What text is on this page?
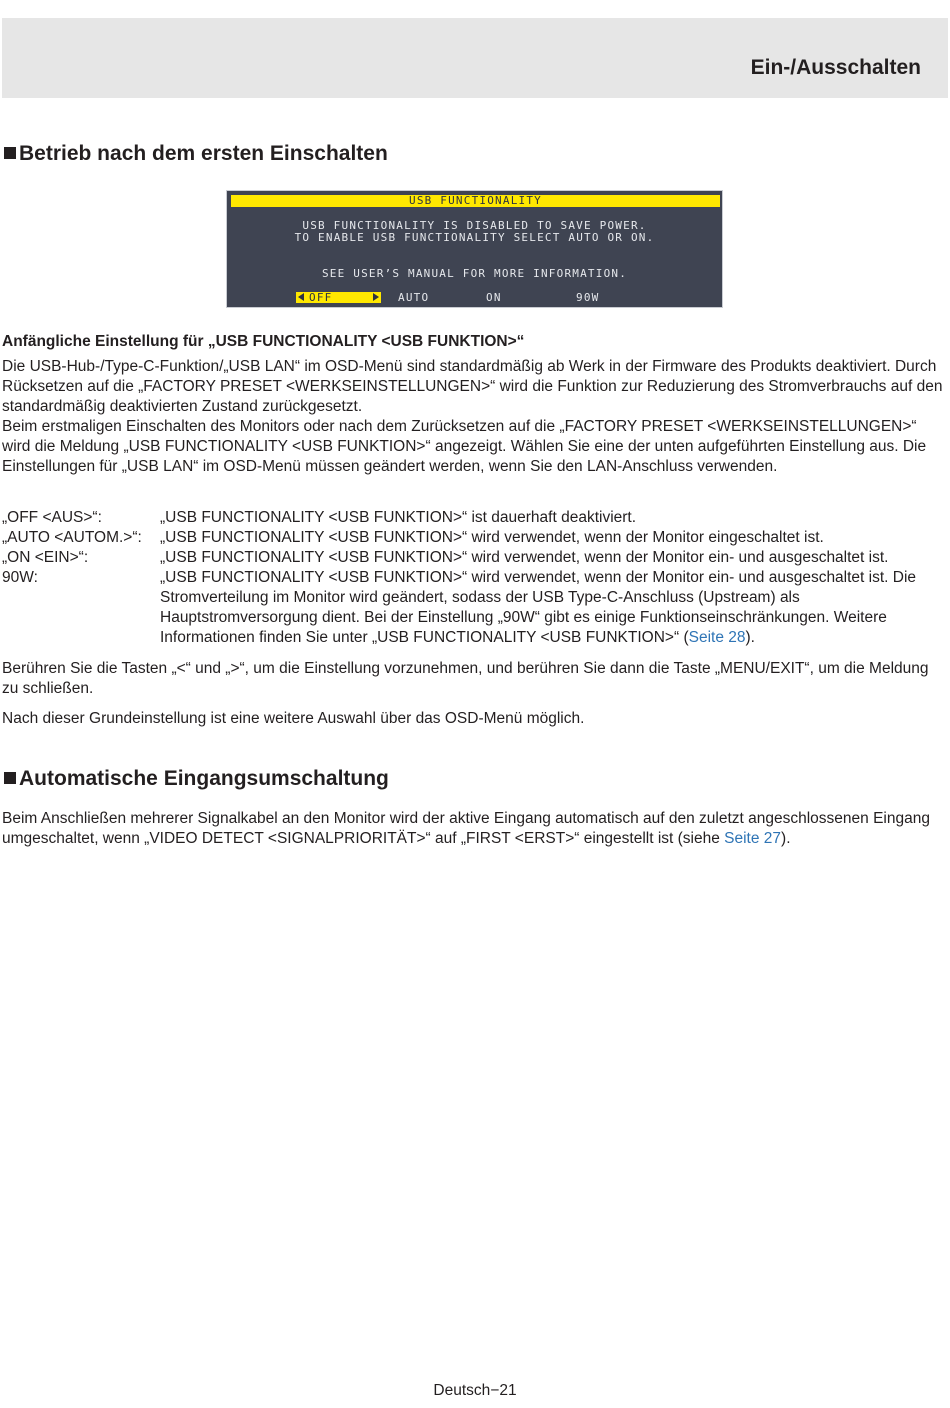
Ein-/Ausschalten
Betrieb nach dem ersten Einschalten
USB FUNCTIONALITY
USB FUNCTIONALITY IS DISABLED TO SAVE POWER.
TO ENABLE USB FUNCTIONALITY SELECT AUTO OR ON.
SEE USER’S MANUAL FOR MORE INFORMATION.
OFF	AUTO	ON	90W
Anfängliche Einstellung für „USB FUNCTIONALITY <USB FUNKTION>“
Die USB-Hub-/Type-C-Funktion/„USB LAN“ im OSD-Menü sind standardmäßig ab Werk in der Firmware des Produkts deaktiviert. Durch Rücksetzen auf die „FACTORY PRESET <WERKSEINSTELLUNGEN>“ wird die Funktion zur Reduzierung des Stromverbrauchs auf den standardmäßig deaktivierten Zustand zurückgesetzt.
Beim erstmaligen Einschalten des Monitors oder nach dem Zurücksetzen auf die „FACTORY PRESET <WERKSEINSTELLUNGEN>“ wird die Meldung „USB FUNCTIONALITY <USB FUNKTION>“ angezeigt. Wählen Sie eine der unten aufgeführten Einstellung aus. Die Einstellungen für „USB LAN“ im OSD-Menü müssen geändert werden, wenn Sie den LAN-Anschluss verwenden.
„OFF <AUS>“:	„USB FUNCTIONALITY <USB FUNKTION>“ ist dauerhaft deaktiviert.
„AUTO <AUTOM.>“:	„USB FUNCTIONALITY <USB FUNKTION>“ wird verwendet, wenn der Monitor eingeschaltet ist.
„ON <EIN>“:	„USB FUNCTIONALITY <USB FUNKTION>“ wird verwendet, wenn der Monitor ein- und ausgeschaltet ist.
90W:	„USB FUNCTIONALITY <USB FUNKTION>“ wird verwendet, wenn der Monitor ein- und ausgeschaltet ist. Die Stromverteilung im Monitor wird geändert, sodass der USB Type-C-Anschluss (Upstream) als Hauptstromversorgung dient. Bei der Einstellung „90W“ gibt es einige Funktionseinschränkungen. Weitere Informationen finden Sie unter „USB FUNCTIONALITY <USB FUNKTION>“ (Seite 28).
Berühren Sie die Tasten „<“ und „>“, um die Einstellung vorzunehmen, und berühren Sie dann die Taste „MENU/EXIT“, um die Meldung zu schließen.
Nach dieser Grundeinstellung ist eine weitere Auswahl über das OSD-Menü möglich.
Automatische Eingangsumschaltung
Beim Anschließen mehrerer Signalkabel an den Monitor wird der aktive Eingang automatisch auf den zuletzt angeschlossenen Eingang umgeschaltet, wenn „VIDEO DETECT <SIGNALPRIORITÄT>“ auf „FIRST <ERST>“ eingestellt ist (siehe Seite 27).
Deutsch−21
